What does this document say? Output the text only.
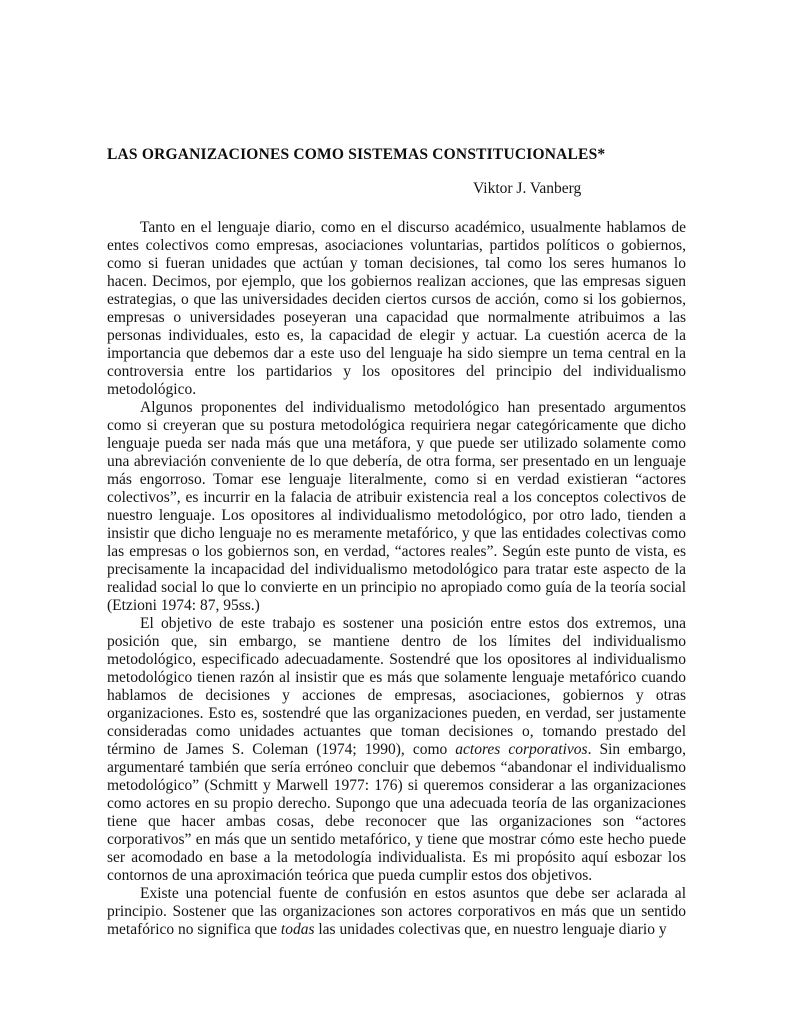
LAS ORGANIZACIONES COMO SISTEMAS CONSTITUCIONALES*

Viktor J. Vanberg

Tanto en el lenguaje diario, como en el discurso académico, usualmente hablamos de entes colectivos como empresas, asociaciones voluntarias, partidos políticos o gobiernos, como si fueran unidades que actúan y toman decisiones, tal como los seres humanos lo hacen. Decimos, por ejemplo, que los gobiernos realizan acciones, que las empresas siguen estrategias, o que las universidades deciden ciertos cursos de acción, como si los gobiernos, empresas o universidades poseyeran una capacidad que normalmente atribuimos a las personas individuales, esto es, la capacidad de elegir y actuar. La cuestión acerca de la importancia que debemos dar a este uso del lenguaje ha sido siempre un tema central en la controversia entre los partidarios y los opositores del principio del individualismo metodológico.

Algunos proponentes del individualismo metodológico han presentado argumentos como si creyeran que su postura metodológica requiriera negar categóricamente que dicho lenguaje pueda ser nada más que una metáfora, y que puede ser utilizado solamente como una abreviación conveniente de lo que debería, de otra forma, ser presentado en un lenguaje más engorroso. Tomar ese lenguaje literalmente, como si en verdad existieran “actores colectivos”, es incurrir en la falacia de atribuir existencia real a los conceptos colectivos de nuestro lenguaje. Los opositores al individualismo metodológico, por otro lado, tienden a insistir que dicho lenguaje no es meramente metafórico, y que las entidades colectivas como las empresas o los gobiernos son, en verdad, “actores reales”. Según este punto de vista, es precisamente la incapacidad del individualismo metodológico para tratar este aspecto de la realidad social lo que lo convierte en un principio no apropiado como guía de la teoría social (Etzioni 1974: 87, 95ss.)

El objetivo de este trabajo es sostener una posición entre estos dos extremos, una posición que, sin embargo, se mantiene dentro de los límites del individualismo metodológico, especificado adecuadamente. Sostendré que los opositores al individualismo metodológico tienen razón al insistir que es más que solamente lenguaje metafórico cuando hablamos de decisiones y acciones de empresas, asociaciones, gobiernos y otras organizaciones. Esto es, sostendré que las organizaciones pueden, en verdad, ser justamente consideradas como unidades actuantes que toman decisiones o, tomando prestado del término de James S. Coleman (1974; 1990), como actores corporativos. Sin embargo, argumentaré también que sería erróneo concluir que debemos “abandonar el individualismo metodológico” (Schmitt y Marwell 1977: 176) si queremos considerar a las organizaciones como actores en su propio derecho. Supongo que una adecuada teoría de las organizaciones tiene que hacer ambas cosas, debe reconocer que las organizaciones son “actores corporativos” en más que un sentido metafórico, y tiene que mostrar cómo este hecho puede ser acomodado en base a la metodología individualista. Es mi propósito aquí esbozar los contornos de una aproximación teórica que pueda cumplir estos dos objetivos.

Existe una potencial fuente de confusión en estos asuntos que debe ser aclarada al principio. Sostener que las organizaciones son actores corporativos en más que un sentido metafórico no significa que todas las unidades colectivas que, en nuestro lenguaje diario y
